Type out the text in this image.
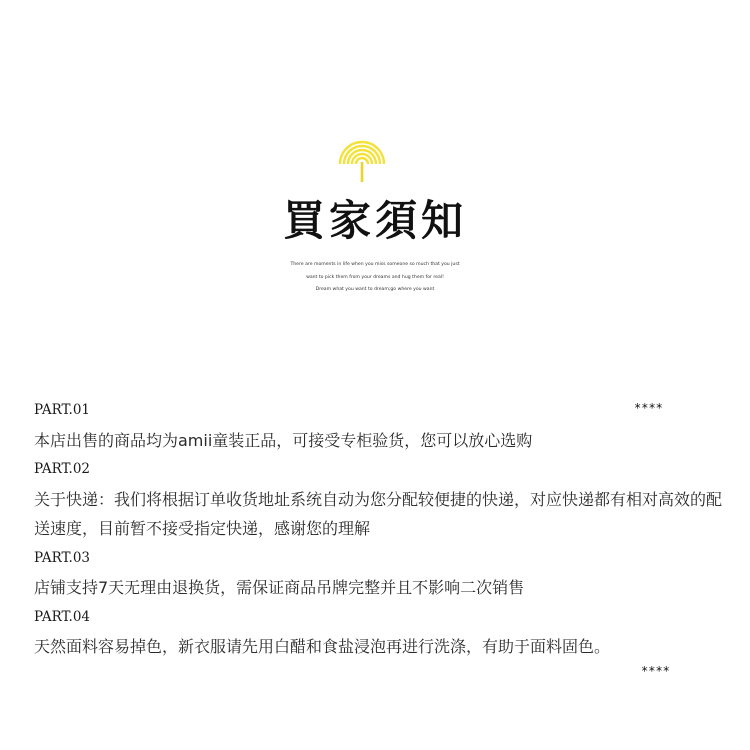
買家須知

There are moments in life when you miss someone so much that you just

want to pick them from your dreams and hug them for real!

Dream what you want to dream;go where you want

****
PART.01

本店出售的商品均为amii童装正品，可接受专柜验货，您可以放心选购

PART.02

关于快递：我们将根据订单收货地址系统自动为您分配较便捷的快递，对应快递都有相对高效的配送速度，目前暂不接受指定快递，感谢您的理解

PART.03

店铺支持7天无理由退换货，需保证商品吊牌完整并且不影响二次销售

PART.04

天然面料容易掉色，新衣服请先用白醋和食盐浸泡再进行洗涤，有助于面料固色。

****
